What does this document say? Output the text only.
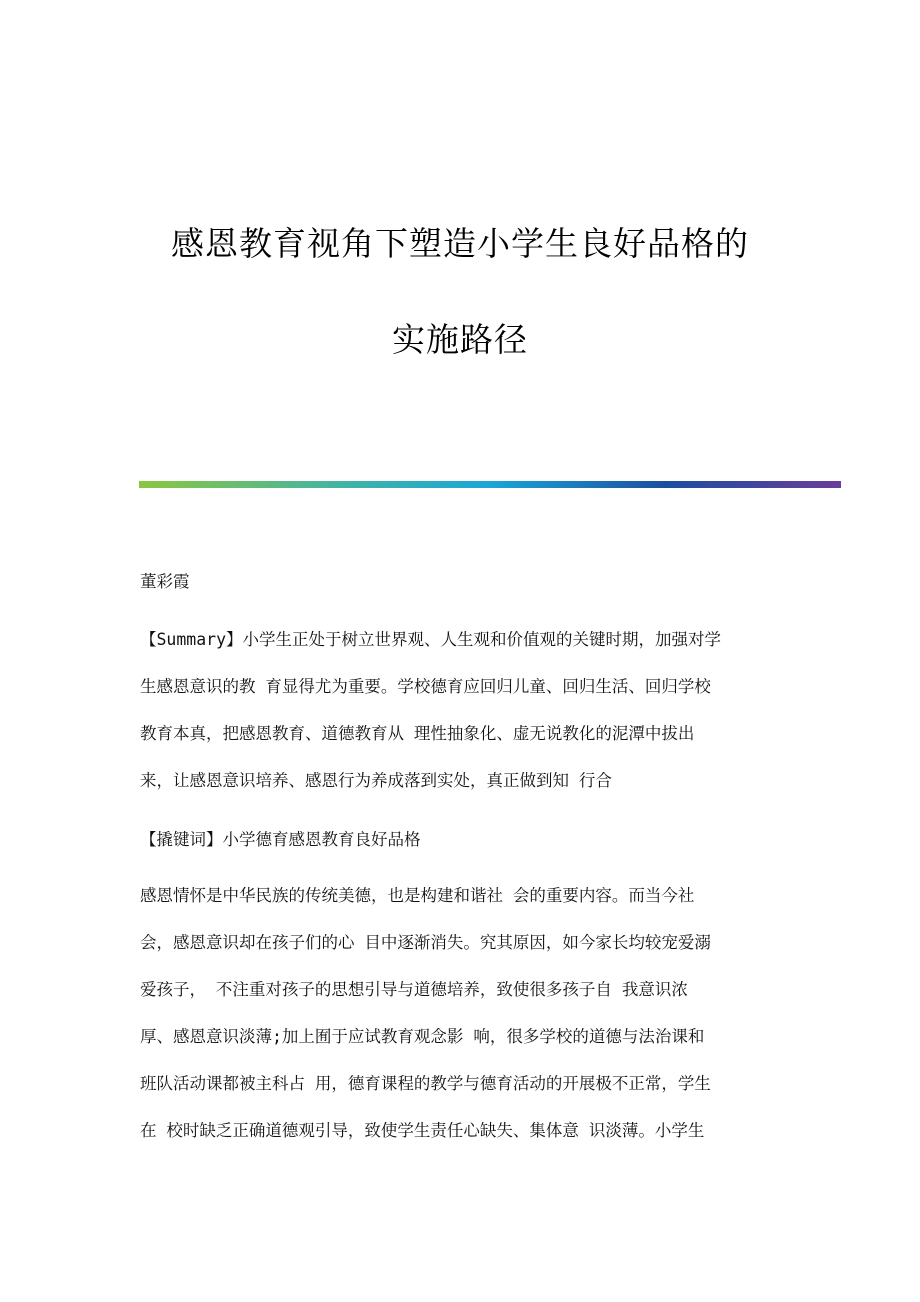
感恩教育视角下塑造小学生良好品格的
实施路径

董彩霞

【Summary】小学生正处于树立世界观、人生观和价值观的关键时期，加强对学

生感恩意识的教 育显得尤为重要。学校德育应回归儿童、回归生活、回归学校

教育本真，把感恩教育、道德教育从 理性抽象化、虚无说教化的泥潭中拔出

来，让感恩意识培养、感恩行为养成落到实处，真正做到知 行合

【撬键词】小学德育感恩教育良好品格

感恩情怀是中华民族的传统美德，也是构建和谐社 会的重要内容。而当今社

会，感恩意识却在孩子们的心 目中逐渐消失。究其原因，如今家长均较宠爱溺

爱孩子， 不注重对孩子的思想引导与道德培养，致使很多孩子自 我意识浓

厚、感恩意识淡薄;加上囿于应试教育观念影 响，很多学校的道德与法治课和

班队活动课都被主科占 用，德育课程的教学与德育活动的开展极不正常，学生

在 校时缺乏正确道德观引导，致使学生责任心缺失、集体意 识淡薄。小学生
